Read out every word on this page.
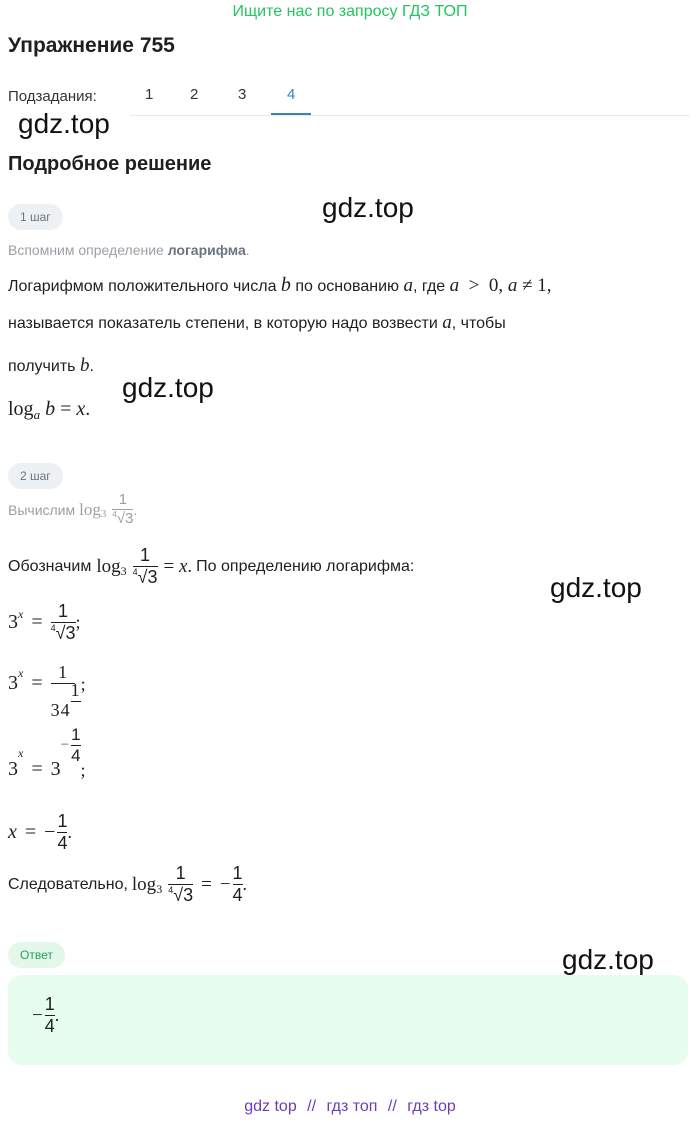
Ищите нас по запросу ГДЗ ТОП
Упражнение 755
Подзадания:	1 2	3	4
gdz.top
gdz.top
gdz.top
gdz.top
gdz.top
Подробное решение
1 шаг
Вспомним определение логарифма.
Логарифмом положительного числа b по основанию a, где a  >  0, a ≠ 1,
называется показатель степени, в которую надо возвести a, чтобы
получить b.
$\log_a b = x$.
2 шаг
Вычислим $\log_3 \frac{1}{^4√3}$ .
Обозначим $\log_3 \frac{1}{^4√3} = x$ . По определению логарифма:
$3^x = \frac{1}{^4√3}$ ;
$3^x = 1$
1
3 4
;
3
$^x$
= 3
− $\frac{1}{4}$
;
x = − $\frac{1}{4}$ .
Следовательно, $\log_3 \frac{1}{^4√3}$ = − $\frac{1}{4}$ .
Ответ
− $\frac{1}{4}$ .
gdz top // гдз топ // гдз top
